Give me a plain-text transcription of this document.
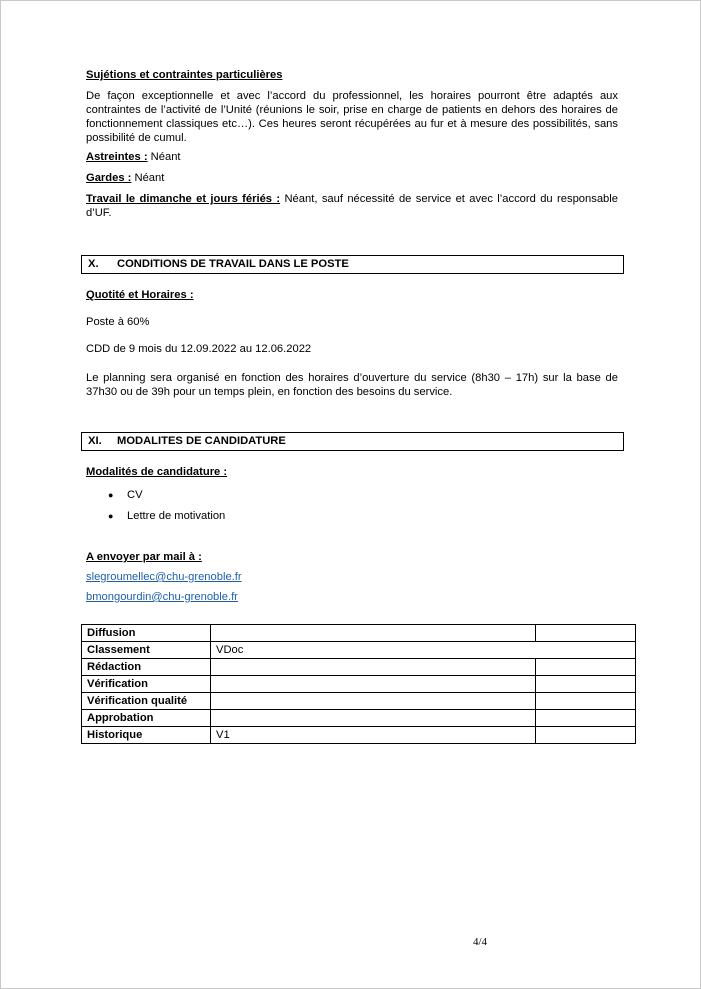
Sujétions et contraintes particulières
De façon exceptionnelle et avec l’accord du professionnel, les horaires pourront être adaptés aux contraintes de l’activité de l’Unité (réunions le soir, prise en charge de patients en dehors des horaires de fonctionnement classiques etc…). Ces heures seront récupérées au fur et à mesure des possibilités, sans possibilité de cumul.
Astreintes : Néant
Gardes : Néant
Travail le dimanche et jours fériés : Néant, sauf nécessité de service et avec l’accord du responsable d’UF.
X. CONDITIONS DE TRAVAIL DANS LE POSTE
Quotité et Horaires :
Poste à 60%
CDD de 9 mois du 12.09.2022 au 12.06.2022
Le planning sera organisé en fonction des horaires d’ouverture du service (8h30 – 17h) sur la base de 37h30 ou de 39h pour un temps plein, en fonction des besoins du service.
XI. MODALITES DE CANDIDATURE
Modalités de candidature :
● CV
● Lettre de motivation
A envoyer par mail à :
slegroumellec@chu-grenoble.fr
bmongourdin@chu-grenoble.fr
Diffusion		
Classement	VDoc	
Rédaction		
Vérification		
Vérification qualité		
Approbation		
Historique	V1	
4/4
